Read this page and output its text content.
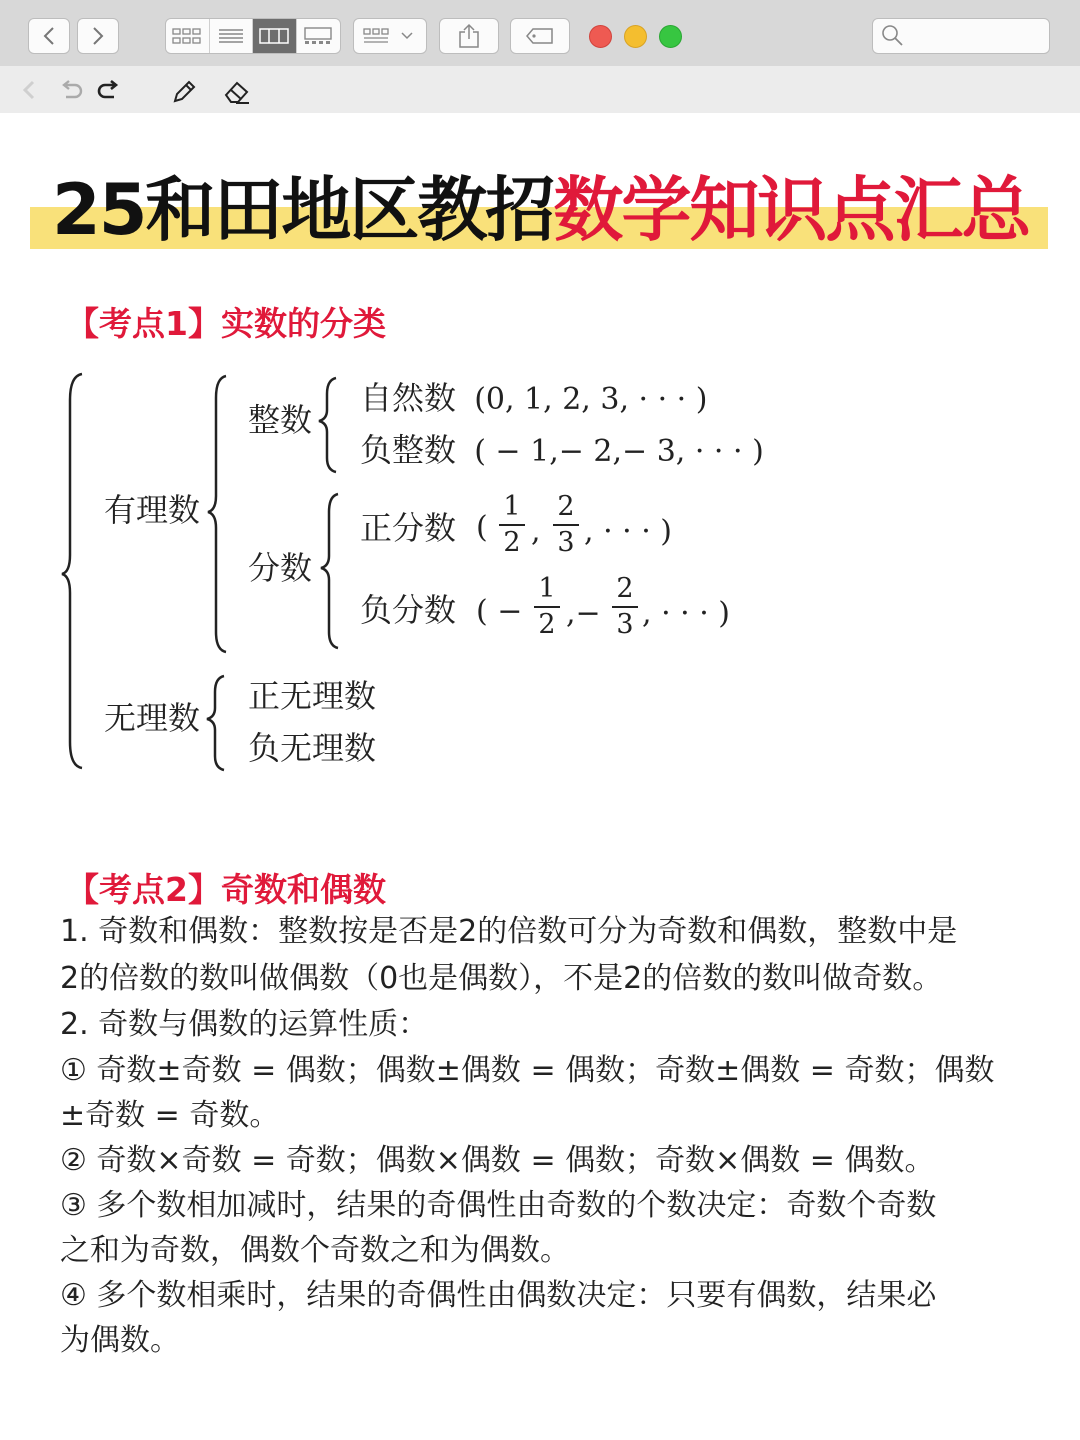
25和田地区教招数学知识点汇总
【考点1】实数的分类
有理数
整数
分数
无理数
自然数 (0, 1, 2, 3, · · · )
负整数 ( − 1,− 2,− 3, · · · )
正分数 (
1
2 ,
2
3 , · · · )
负分数 ( −
1
2 ,−
2
3 , · · · )
正无理数
负无理数
【考点2】奇数和偶数
1. 奇数和偶数：整数按是否是2的倍数可分为奇数和偶数，整数中是
2的倍数的数叫做偶数（0也是偶数），不是2的倍数的数叫做奇数。
2. 奇数与偶数的运算性质：
① 奇数±奇数 = 偶数；偶数±偶数 = 偶数；奇数±偶数 = 奇数；偶数
±奇数 = 奇数。
② 奇数×奇数 = 奇数；偶数×偶数 = 偶数；奇数×偶数 = 偶数。
③ 多个数相加减时，结果的奇偶性由奇数的个数决定：奇数个奇数
之和为奇数，偶数个奇数之和为偶数。
④ 多个数相乘时，结果的奇偶性由偶数决定：只要有偶数，结果必
为偶数。
